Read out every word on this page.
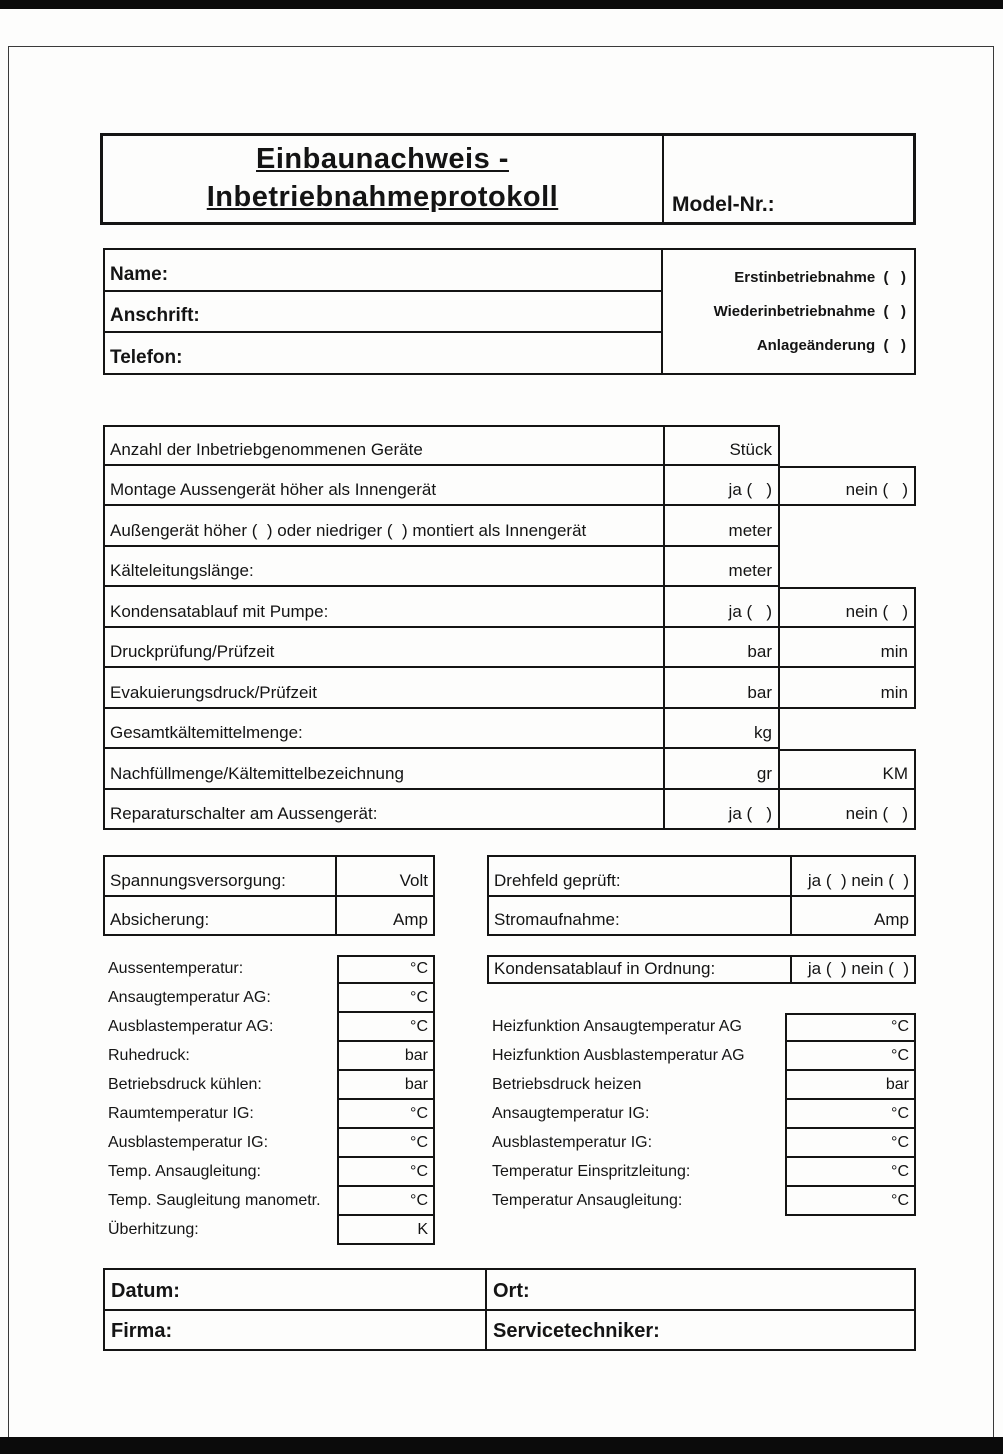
Einbaunachweis -
Inbetriebnahmeprotokoll	Model-Nr.:
Name:
Anschrift:
Telefon:
Erstinbetriebnahme  (   )
Wiederinbetriebnahme  (   )
Anlageänderung  (   )
Anzahl der Inbetriebgenommenen Geräte	Stück
Montage Aussengerät höher als Innengerät	ja (   )	nein (   )
Außengerät höher (  ) oder niedriger (  ) montiert als Innengerät	meter
Kälteleitungslänge:	meter
Kondensatablauf mit Pumpe:	ja (   )	nein (   )
Druckprüfung/Prüfzeit	bar	min
Evakuierungsdruck/Prüfzeit	bar	min
Gesamtkältemittelmenge:	kg
Nachfüllmenge/Kältemittelbezeichnung	gr	KM
Reparaturschalter am Aussengerät:	ja (   )	nein (   )
Spannungsversorgung:	Volt
Absicherung:	Amp
Drehfeld geprüft:	ja (  ) nein (  )
Stromaufnahme:	Amp
Kondensatablauf in Ordnung:	ja (  ) nein (  )
Aussentemperatur:	°C
Ansaugtemperatur AG:	°C
Ausblastemperatur AG:	°C
Ruhedruck:	bar
Betriebsdruck kühlen:	bar
Raumtemperatur IG:	°C
Ausblastemperatur IG:	°C
Temp. Ansaugleitung:	°C
Temp. Saugleitung manometr.	°C
Überhitzung:	K
Heizfunktion Ansaugtemperatur AG	°C
Heizfunktion Ausblastemperatur AG	°C
Betriebsdruck heizen	bar
Ansaugtemperatur IG:	°C
Ausblastemperatur IG:	°C
Temperatur Einspritzleitung:	°C
Temperatur Ansaugleitung:	°C
Datum:	Ort:
Firma:	Servicetechniker:
